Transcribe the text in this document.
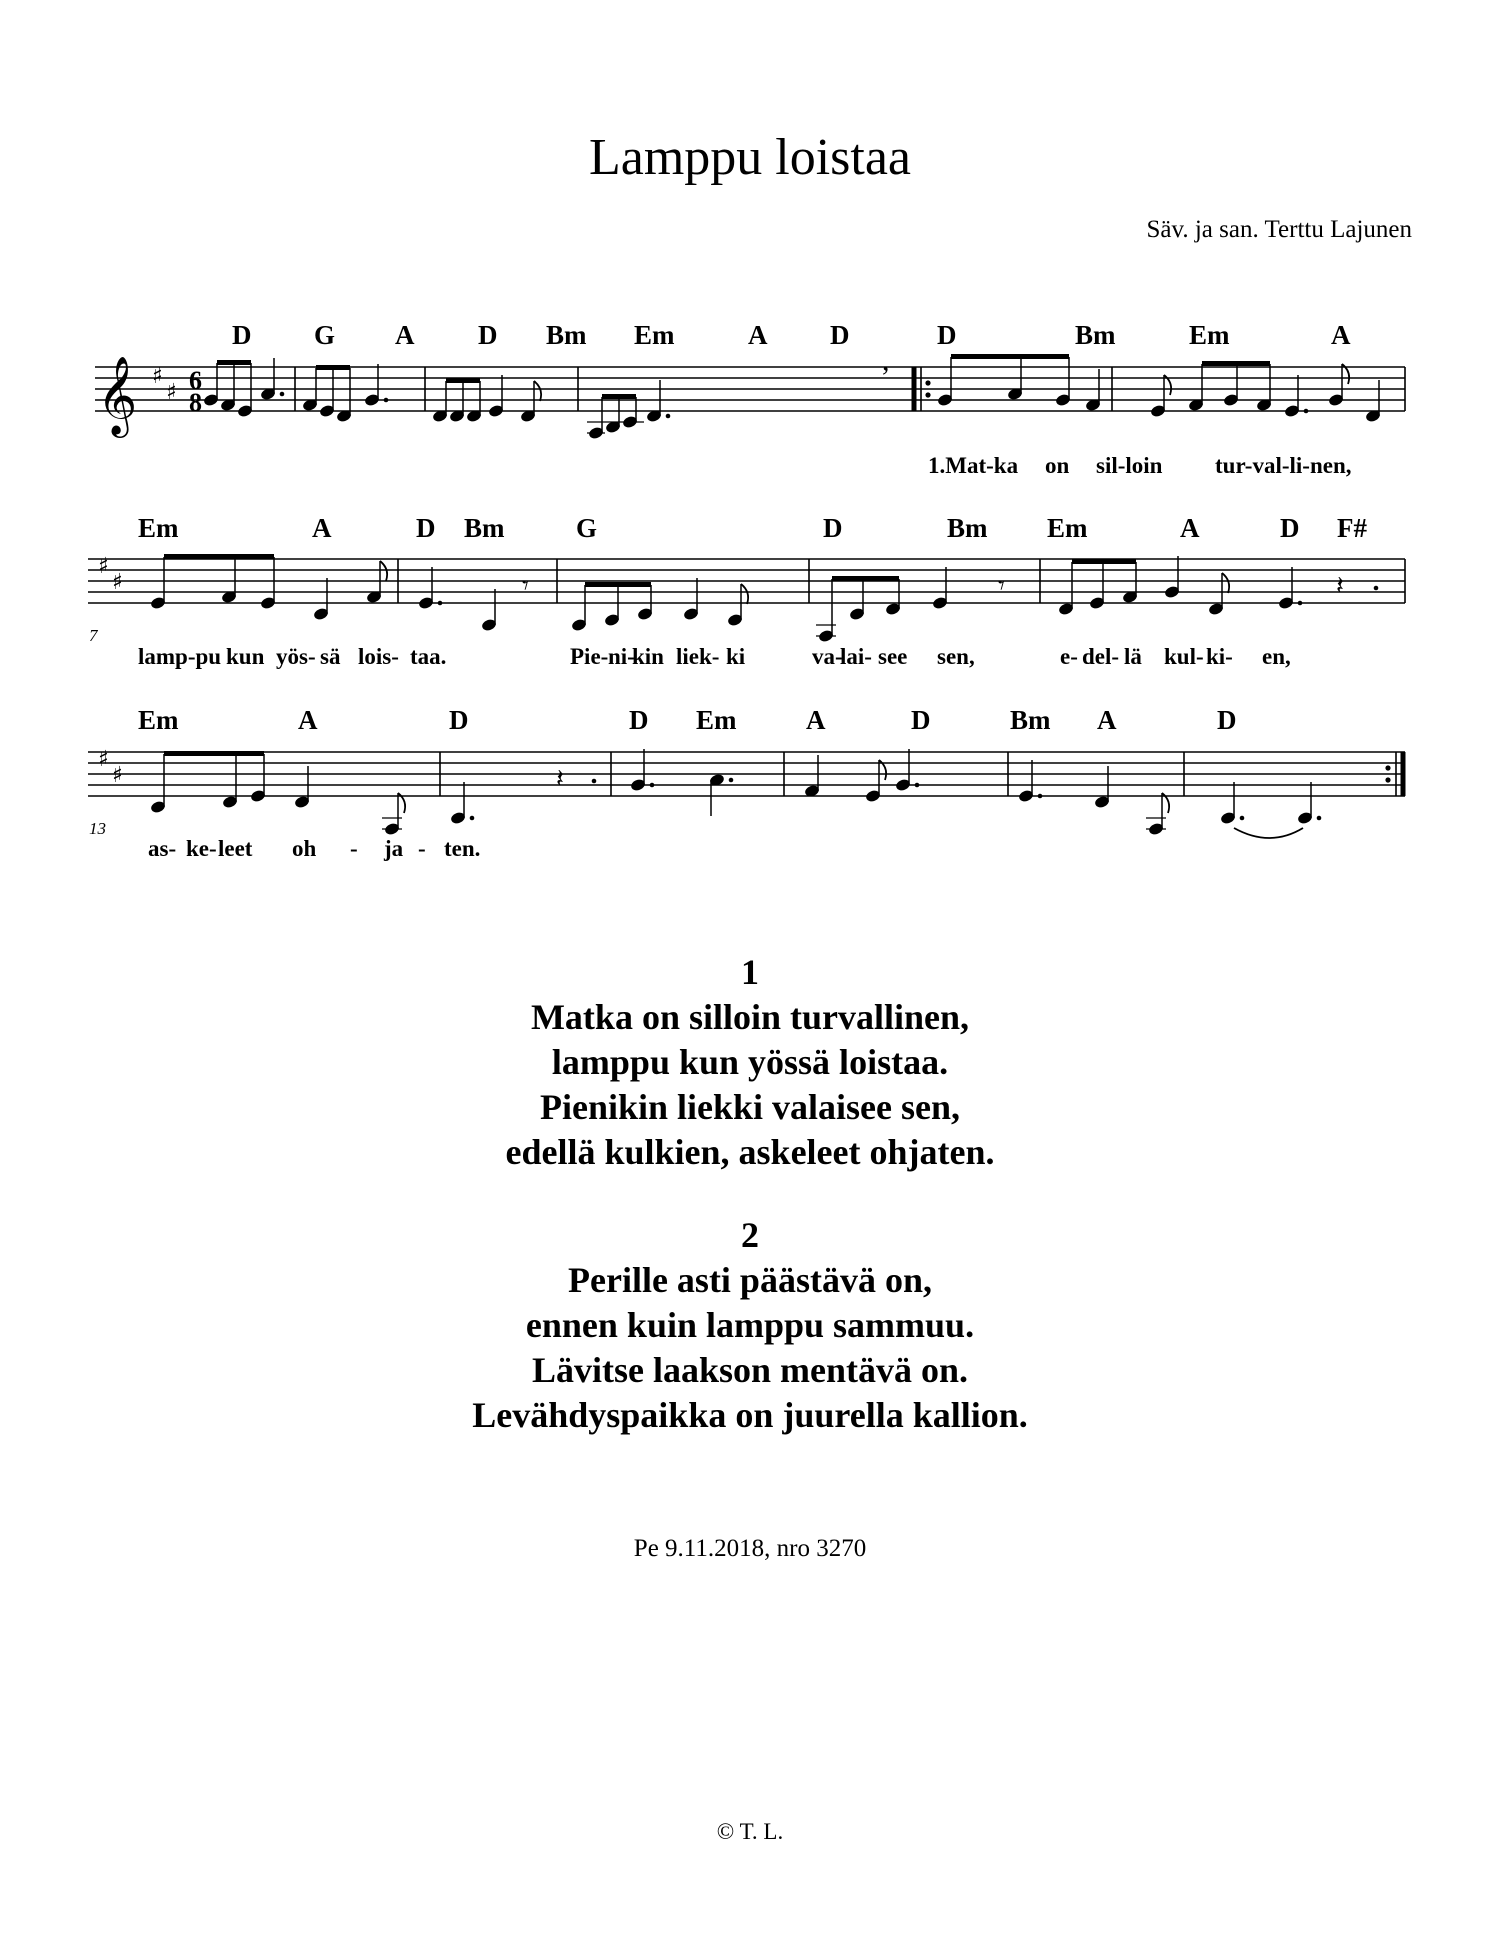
Lamppu loistaa
Säv. ja san. Terttu Lajunen
𝄞 ♯
♯ 6
8
,
D G A D Bm Em	A D	D	Bm	Em	A
1.Mat-ka on sil-loin tur-val-li-nen,
♯
♯
7
𝄾	𝄾	𝄽
Em	A	D Bm	G	D	Bm Em	A	D F#
lamp-pu kun yös- sä lois- taa.	Pie- ni-
kin liek- ki	va-
lai- see sen,	e- del- lä kul- ki- en,
♯
♯
13
𝄽
Em	A	D	D Em	A	D	Bm A	D
as- ke- leet oh - ja - ten.
1
Matka on silloin turvallinen,
lamppu kun yössä loistaa.
Pienikin liekki valaisee sen,
edellä kulkien, askeleet ohjaten.
2
Perille asti päästävä on,
ennen kuin lamppu sammuu.
Lävitse laakson mentävä on.
Levähdyspaikka on juurella kallion.
Pe 9.11.2018, nro 3270
© T. L.
